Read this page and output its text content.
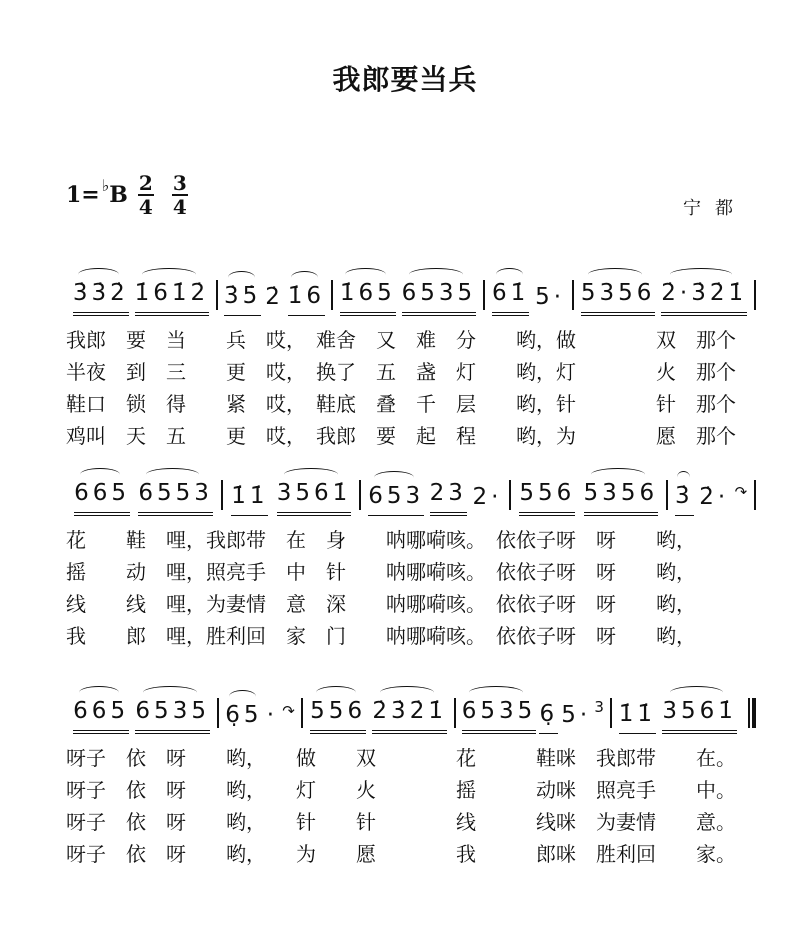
我郎要当兵
1= ♭ B $\frac{2}{4} \frac{3}{4}$	宁都
3̇3̇2̇ 1̇61̇2̇ 3̇5̇ 2̇ 1̇6 1̇65 6535 61̇ 5· 5356 2̇·3̇2̇1̇
我郎　要　当　　兵　哎，　难舍　又　难　分　　哟，做　　　　双　那个
半夜　到　三　　更　哎，　换了　五　盏　灯　　哟，灯　　　　火　那个
鞋口　锁　得　　紧　哎，　鞋底　叠　千　层　　哟，针　　　　针　那个
鸡叫　天　五　　更　哎，　我郎　要　起　程　　哟，为　　　　愿　那个
665 6553 1̇1̇ 3561̇ 653 23 2· 556 5356 3̇ 2̇· ↷
花　　鞋　哩，我郎带　在　身　　呐哪嗬咳。　依依子呀　呀　　哟，
摇　　动　哩，照亮手　中　针　　呐哪嗬咳。　依依子呀　呀　　哟，
线　　线　哩，为妻情　意　深　　呐哪嗬咳。　依依子呀　呀　　哟，
我　　郎　哩，胜利回　家　门　　呐哪嗬咳。　依依子呀　呀　　哟，
665 6535 6̣5 · ↷ 556 2̇3̇2̇1̇ 6535 6̣ 5· 3 1̇1̇ 3561̇
呀子　依　呀　　哟，　　做　　双　　　　花　　　鞋咪　我郎带　　在。
呀子　依　呀　　哟，　　灯　　火　　　　摇　　　动咪　照亮手　　中。
呀子　依　呀　　哟，　　针　　针　　　　线　　　线咪　为妻情　　意。
呀子　依　呀　　哟，　　为　　愿　　　　我　　　郎咪　胜利回　　家。
